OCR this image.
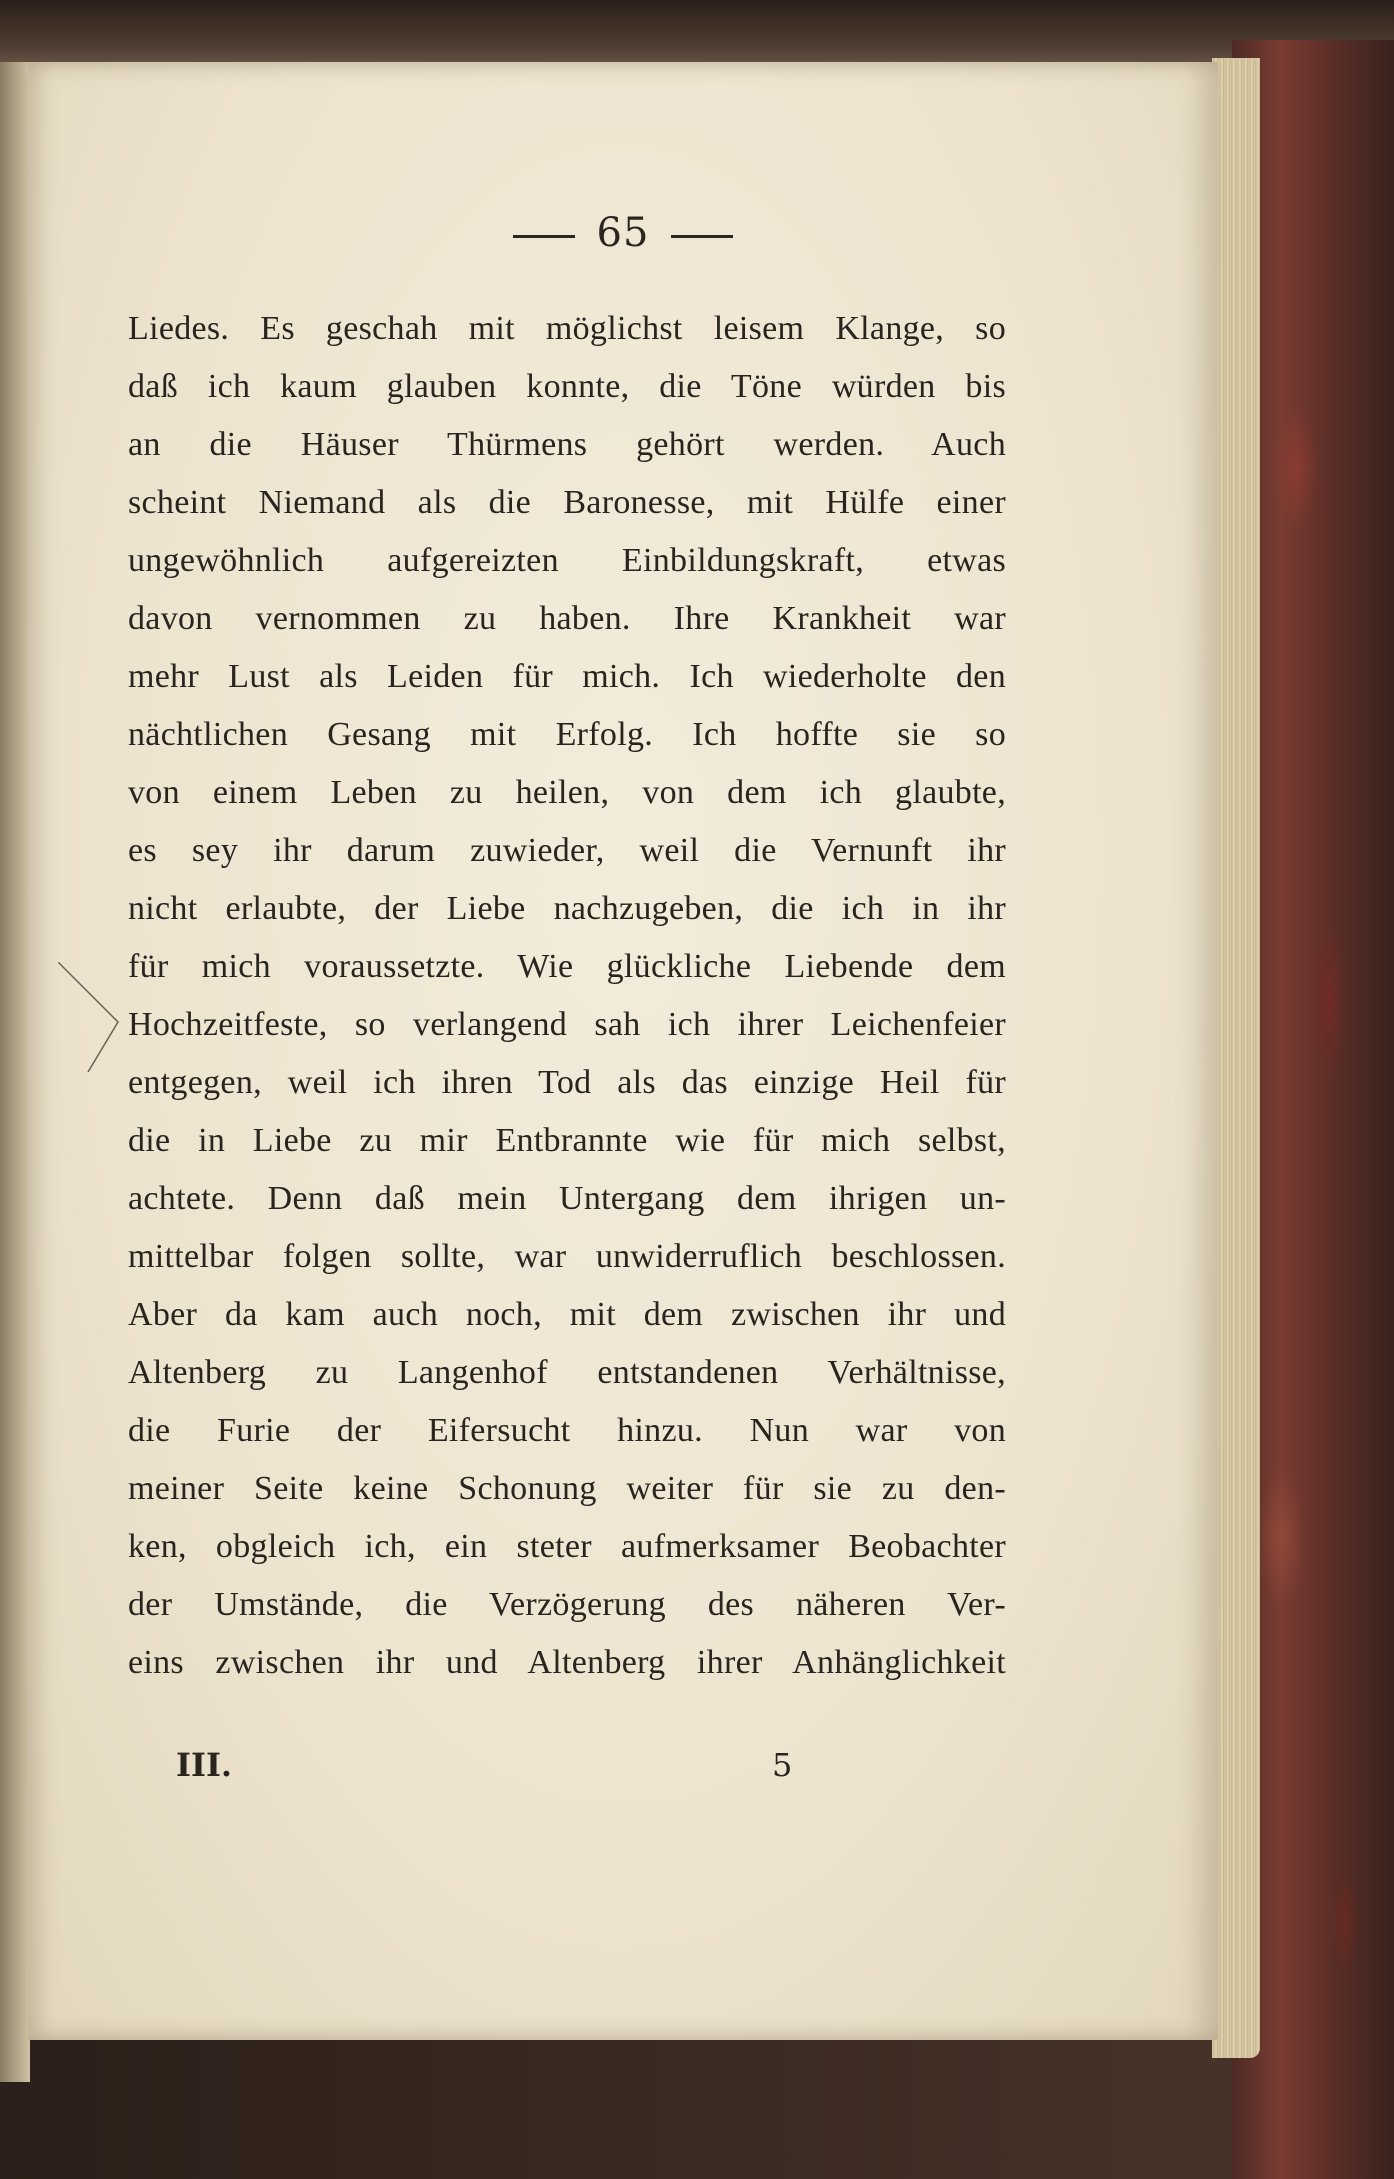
65
Liedes. Es geschah mit möglichst leisem Klange, so
daß ich kaum glauben konnte, die Töne würden bis
an die Häuser Thürmens gehört werden. Auch
scheint Niemand als die Baronesse, mit Hülfe einer
ungewöhnlich aufgereizten Einbildungskraft, etwas
davon vernommen zu haben. Ihre Krankheit war
mehr Lust als Leiden für mich. Ich wiederholte den
nächtlichen Gesang mit Erfolg. Ich hoffte sie so
von einem Leben zu heilen, von dem ich glaubte,
es sey ihr darum zuwieder, weil die Vernunft ihr
nicht erlaubte, der Liebe nachzugeben, die ich in ihr
für mich voraussetzte. Wie glückliche Liebende dem
Hochzeitfeste, so verlangend sah ich ihrer Leichenfeier
entgegen, weil ich ihren Tod als das einzige Heil für
die in Liebe zu mir Entbrannte wie für mich selbst,
achtete. Denn daß mein Untergang dem ihrigen un-
mittelbar folgen sollte, war unwiderruflich beschlossen.
Aber da kam auch noch, mit dem zwischen ihr und
Altenberg zu Langenhof entstandenen Verhältnisse,
die Furie der Eifersucht hinzu. Nun war von
meiner Seite keine Schonung weiter für sie zu den-
ken, obgleich ich, ein steter aufmerksamer Beobachter
der Umstände, die Verzögerung des näheren Ver-
eins zwischen ihr und Altenberg ihrer Anhänglichkeit
III.	5
